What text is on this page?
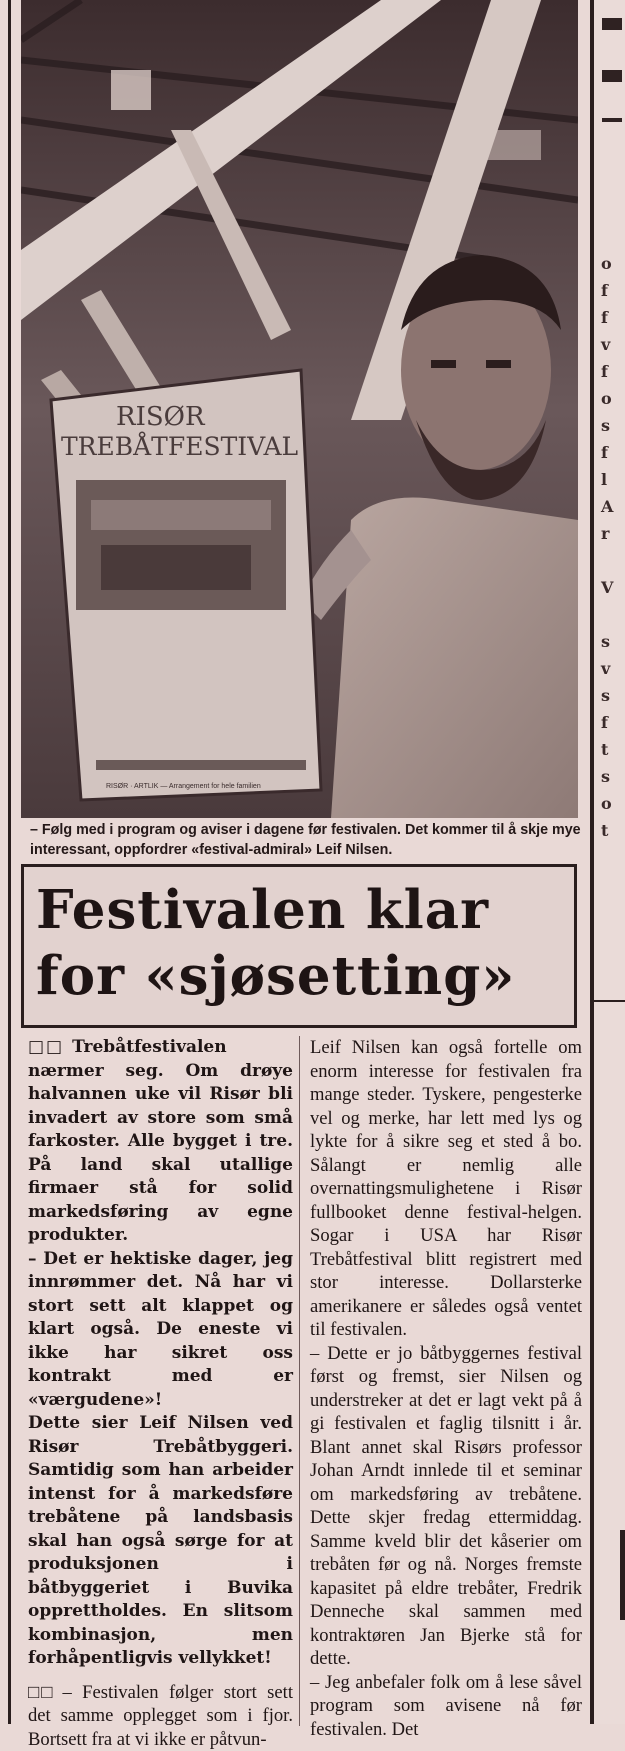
o
f
f
v
f
o
s
f
l
A
r
V
s
v
s
f
t
s
o
t
RISØR
TREBÅTFESTIVAL
RISØR · ARTLIK — Arrangement for hele familien
– Følg med i program og aviser i dagene før festivalen. Det kommer til å skje mye interessant, oppfordrer «festival-admiral» Leif Nilsen.
Festivalen klar for «sjøsetting»

□□ Trebåtfestivalen nærmer seg. Om drøye halvannen uke vil Risør bli invadert av store som små farkoster. Alle bygget i tre. På land skal utallige firmaer stå for solid markedsføring av egne produkter.

– Det er hektiske dager, jeg innrømmer det. Nå har vi stort sett alt klappet og klart også. De eneste vi ikke har sikret oss kontrakt med er «værgudene»!

Dette sier Leif Nilsen ved Risør Trebåtbyggeri. Samtidig som han arbeider intenst for å markedsføre trebåtene på landsbasis skal han også sørge for at produksjonen i båtbyggeriet i Buvika opprettholdes. En slitsom kombinasjon, men forhåpentligvis vellykket!

□□ – Festivalen følger stort sett det samme opplegget som i fjor. Bortsett fra at vi ikke er påtvun-

Leif Nilsen kan også fortelle om enorm interesse for festivalen fra mange steder. Tyskere, pengesterke vel og merke, har lett med lys og lykte for å sikre seg et sted å bo. Sålangt er nemlig alle overnattingsmulighetene i Risør fullbooket denne festival-helgen. Sogar i USA har Risør Trebåtfestival blitt registrert med stor interesse. Dollarsterke amerikanere er således også ventet til festivalen.

– Dette er jo båtbyggernes festival først og fremst, sier Nilsen og understreker at det er lagt vekt på å gi festivalen et faglig tilsnitt i år. Blant annet skal Risørs professor Johan Arndt innlede til et seminar om markedsføring av trebåtene. Dette skjer fredag ettermiddag. Samme kveld blir det kåserier om trebåten før og nå. Norges fremste kapasitet på eldre trebåter, Fredrik Denneche skal sammen med kontraktøren Jan Bjerke stå for dette.

– Jeg anbefaler folk om å lese såvel program som avisene nå før festivalen. Det
